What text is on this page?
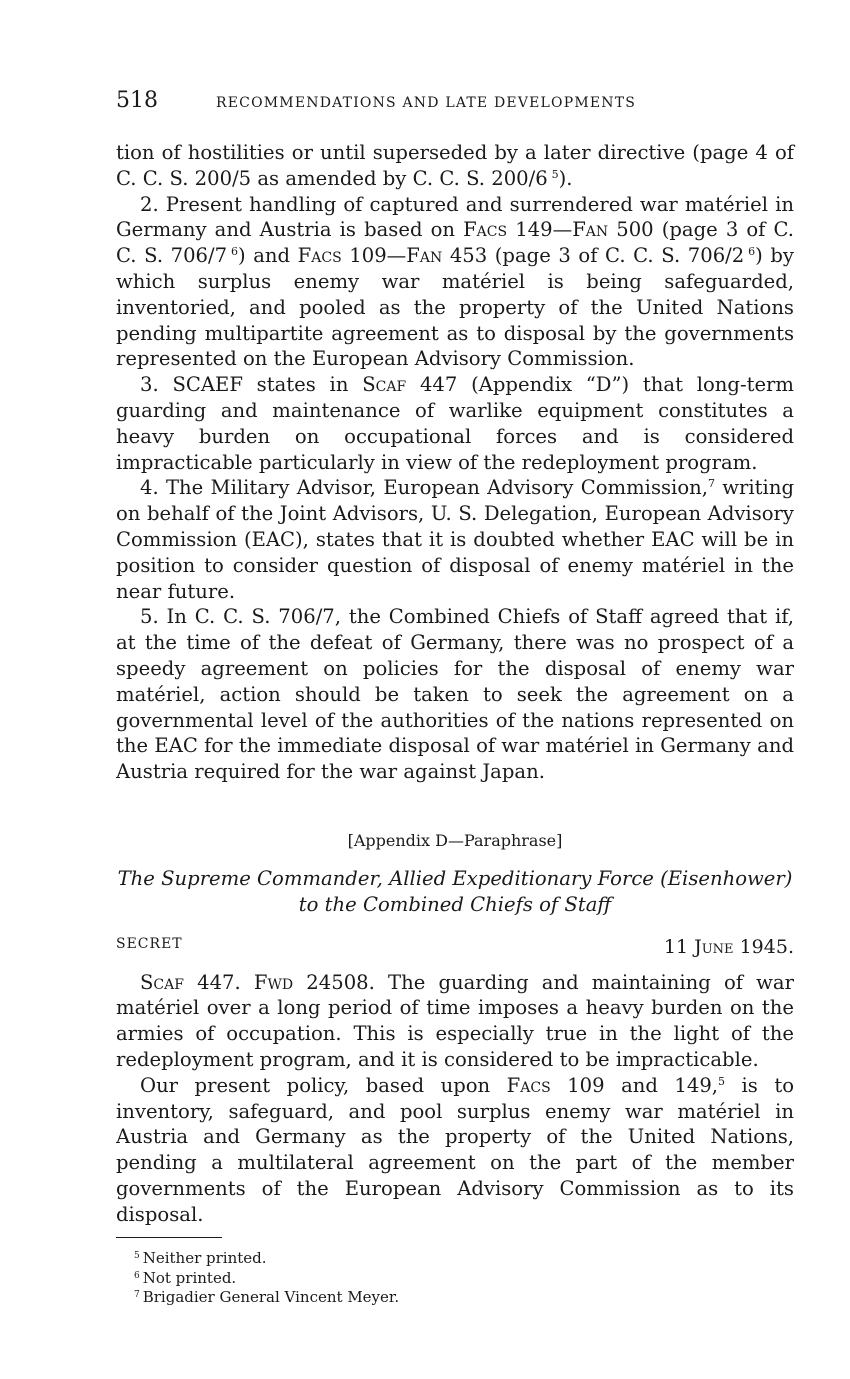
518	RECOMMENDATIONS AND LATE DEVELOPMENTS

tion of hostilities or until superseded by a later directive (page 4 of C. C. S. 200/5 as amended by C. C. S. 200/6  $^5$).

2. Present handling of captured and surrendered war matériel in Germany and Austria is based on Facs 149—Fan 500 (page 3 of C. C. S. 706/7  $^6$) and Facs 109—Fan 453 (page 3 of C. C. S. 706/2  $^6$) by which surplus enemy war matériel is being safeguarded, inventoried, and pooled as the property of the United Nations pending multipartite agreement as to disposal by the governments represented on the European Advisory Commission.

3. SCAEF states in Scaf 447 (Appendix “D”) that long-term guarding and maintenance of warlike equipment constitutes a heavy burden on occupational forces and is considered impracticable particularly in view of the redeployment program.

4. The Military Advisor, European Advisory Commission,$^7$ writing on behalf of the Joint Advisors, U. S. Delegation, European Advisory Commission (EAC), states that it is doubted whether EAC will be in position to consider question of disposal of enemy matériel in the near future.

5. In C. C. S. 706/7, the Combined Chiefs of Staff agreed that if, at the time of the defeat of Germany, there was no prospect of a speedy agreement on policies for the disposal of enemy war matériel, action should be taken to seek the agreement on a governmental level of the authorities of the nations represented on the EAC for the immediate disposal of war matériel in Germany and Austria required for the war against Japan.

[Appendix D—Paraphrase]
The Supreme Commander, Allied Expeditionary Force (Eisenhower)
to the Combined Chiefs of Staff
SECRET	11 June 1945.

Scaf 447. Fwd 24508. The guarding and maintaining of war matériel over a long period of time imposes a heavy burden on the armies of occupation. This is especially true in the light of the redeployment program, and it is considered to be impracticable.

Our present policy, based upon Facs 109 and 149,$^5$ is to inventory, safeguard, and pool surplus enemy war matériel in Austria and Germany as the property of the United Nations, pending a multilateral agreement on the part of the member governments of the European Advisory Commission as to its disposal.

$^5$ Neither printed.
$^6$ Not printed.
$^7$ Brigadier General Vincent Meyer.
